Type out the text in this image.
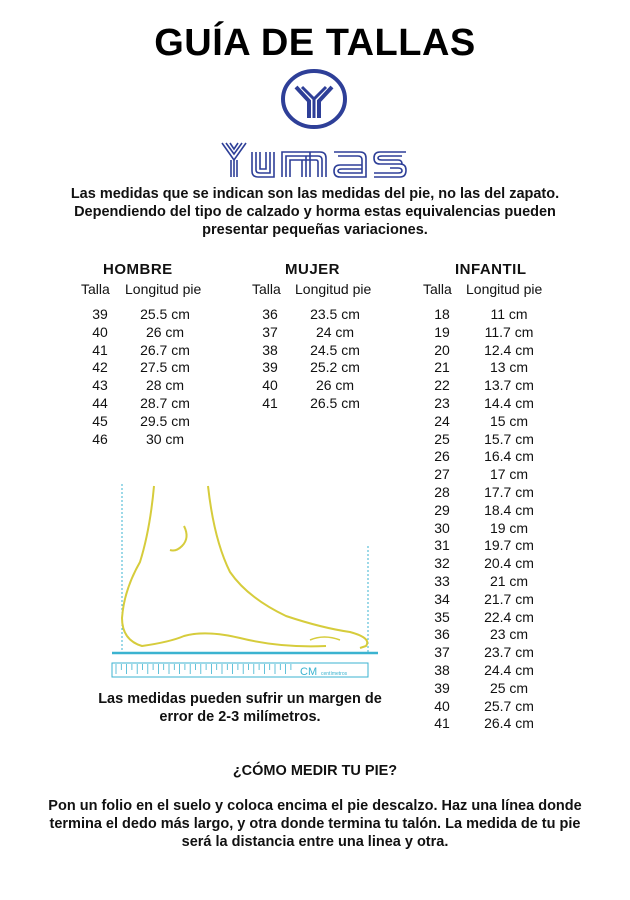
GUÍA DE TALLAS
Las medidas que se indican son las medidas del pie, no las del zapato. Dependiendo del tipo de calzado y horma estas equivalencias pueden presentar pequeñas variaciones.
HOMBRE	MUJER	INFANTIL
Talla Longitud pie	Talla Longitud pie	Talla Longitud pie
39	25.5 cm
40	26 cm
41	26.7 cm
42	27.5 cm
43	28 cm
44	28.7 cm
45	29.5 cm
46	30 cm
36	23.5 cm
37	24 cm
38	24.5 cm
39	25.2 cm
40	26 cm
41	26.5 cm
18	11 cm
19	11.7 cm
20	12.4 cm
21	13 cm
22	13.7 cm
23	14.4 cm
24	15 cm
25	15.7 cm
26	16.4 cm
27	17 cm
28	17.7 cm
29	18.4 cm
30	19 cm
31	19.7 cm
32	20.4 cm
33	21 cm
34	21.7 cm
35	22.4 cm
36	23 cm
37	23.7 cm
38	24.4 cm
39	25 cm
40	25.7 cm
41	26.4 cm
CM centímetros
Las medidas pueden sufrir un margen de error de 2-3 milímetros.
¿CÓMO MEDIR TU PIE?
Pon un folio en el suelo y coloca encima el pie descalzo. Haz una línea donde termina el dedo más largo, y otra donde termina tu talón. La medida de tu pie será la distancia entre una linea y otra.
